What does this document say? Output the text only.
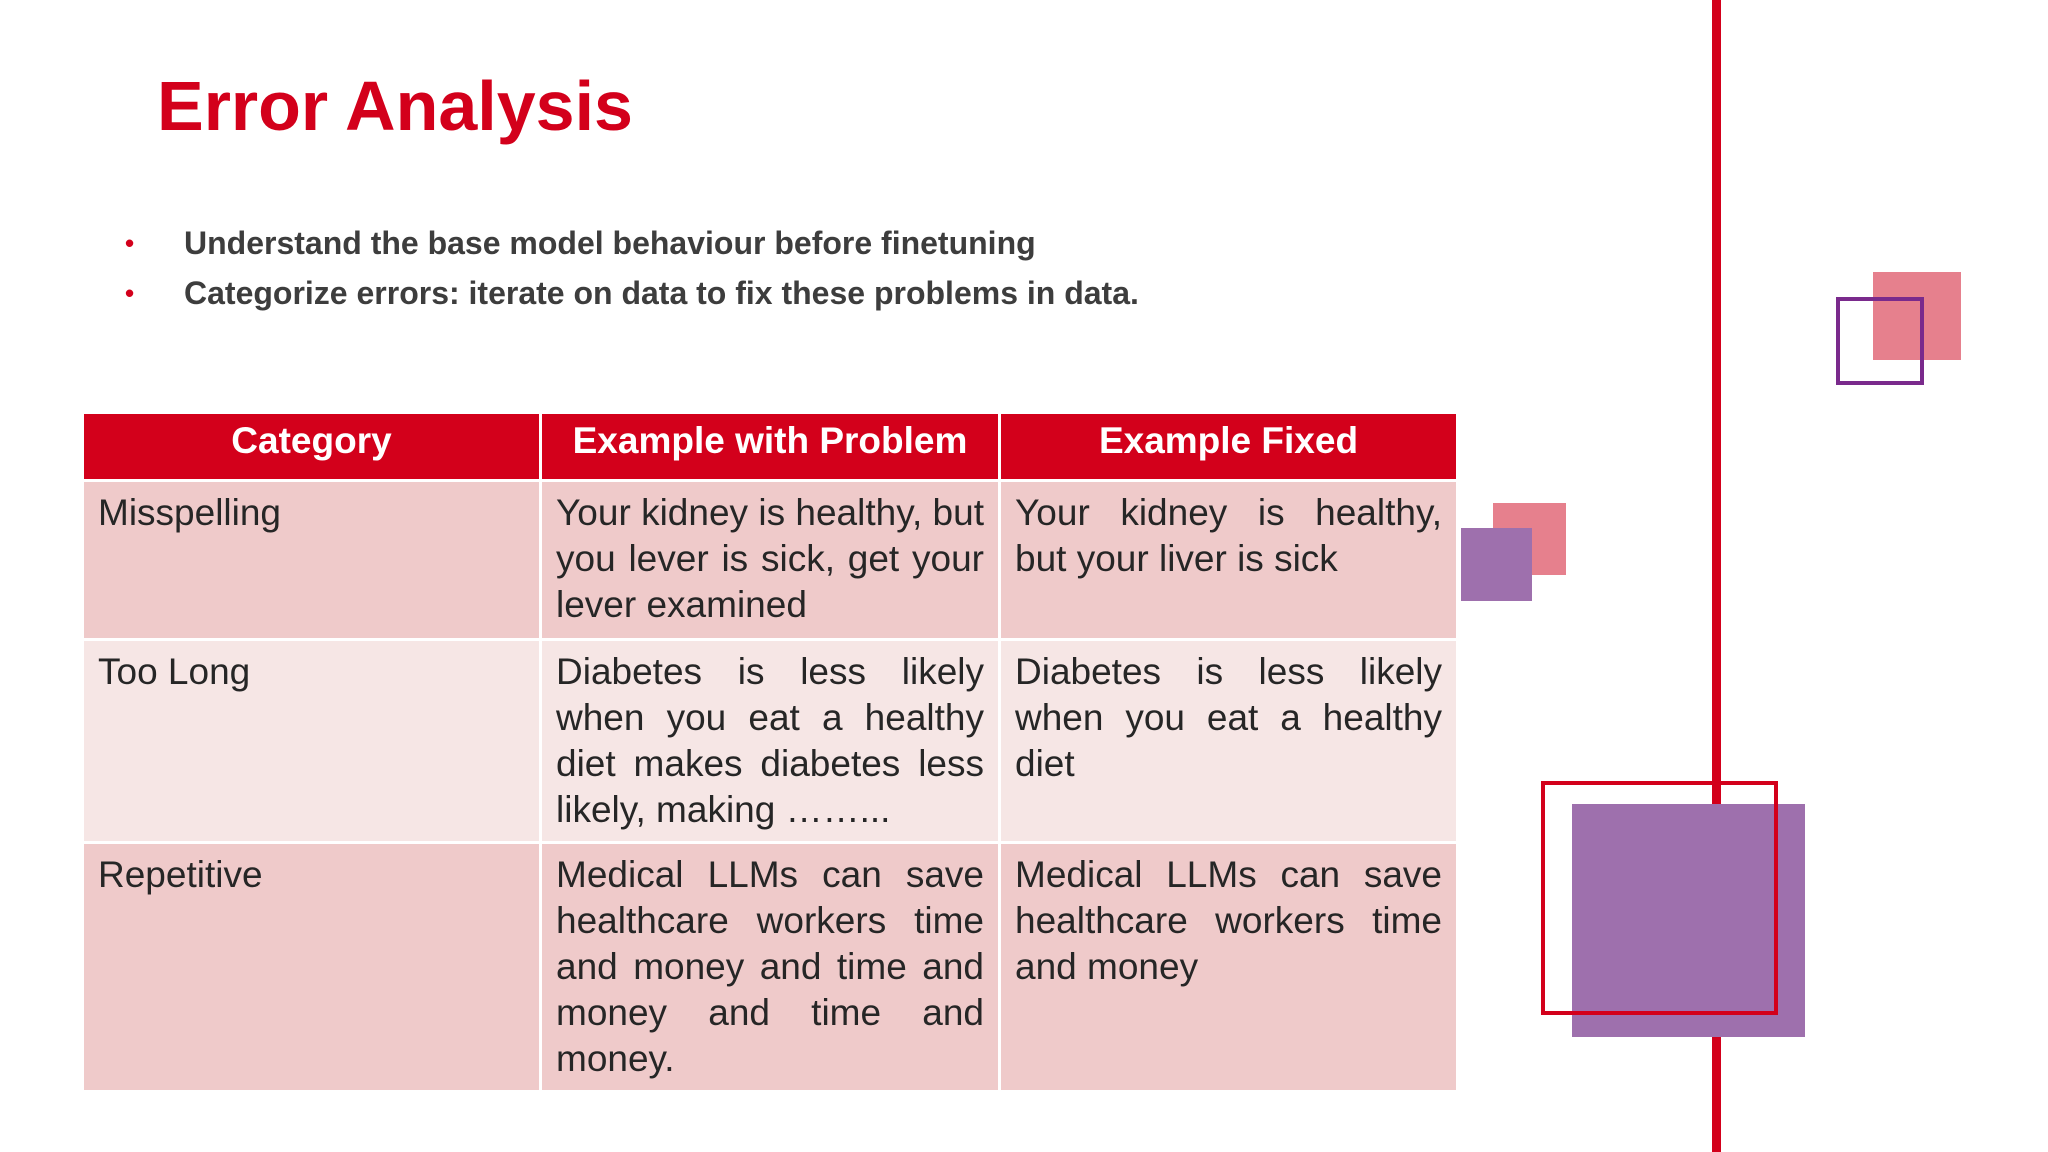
Error Analysis
• Understand the base model behaviour before finetuning
• Categorize errors: iterate on data to fix these problems in data.
Category	Example with Problem	Example Fixed
Misspelling	Your kidney is healthy, but you lever is sick, get your lever examined	Your kidney is healthy, but your liver is sick
Too Long	Diabetes is less likely when you eat a healthy diet makes diabetes less likely, making ……...	Diabetes is less likely when you eat a healthy diet
Repetitive	Medical LLMs can save healthcare workers time and money and time and money and time and money.	Medical LLMs can save healthcare workers time and money
